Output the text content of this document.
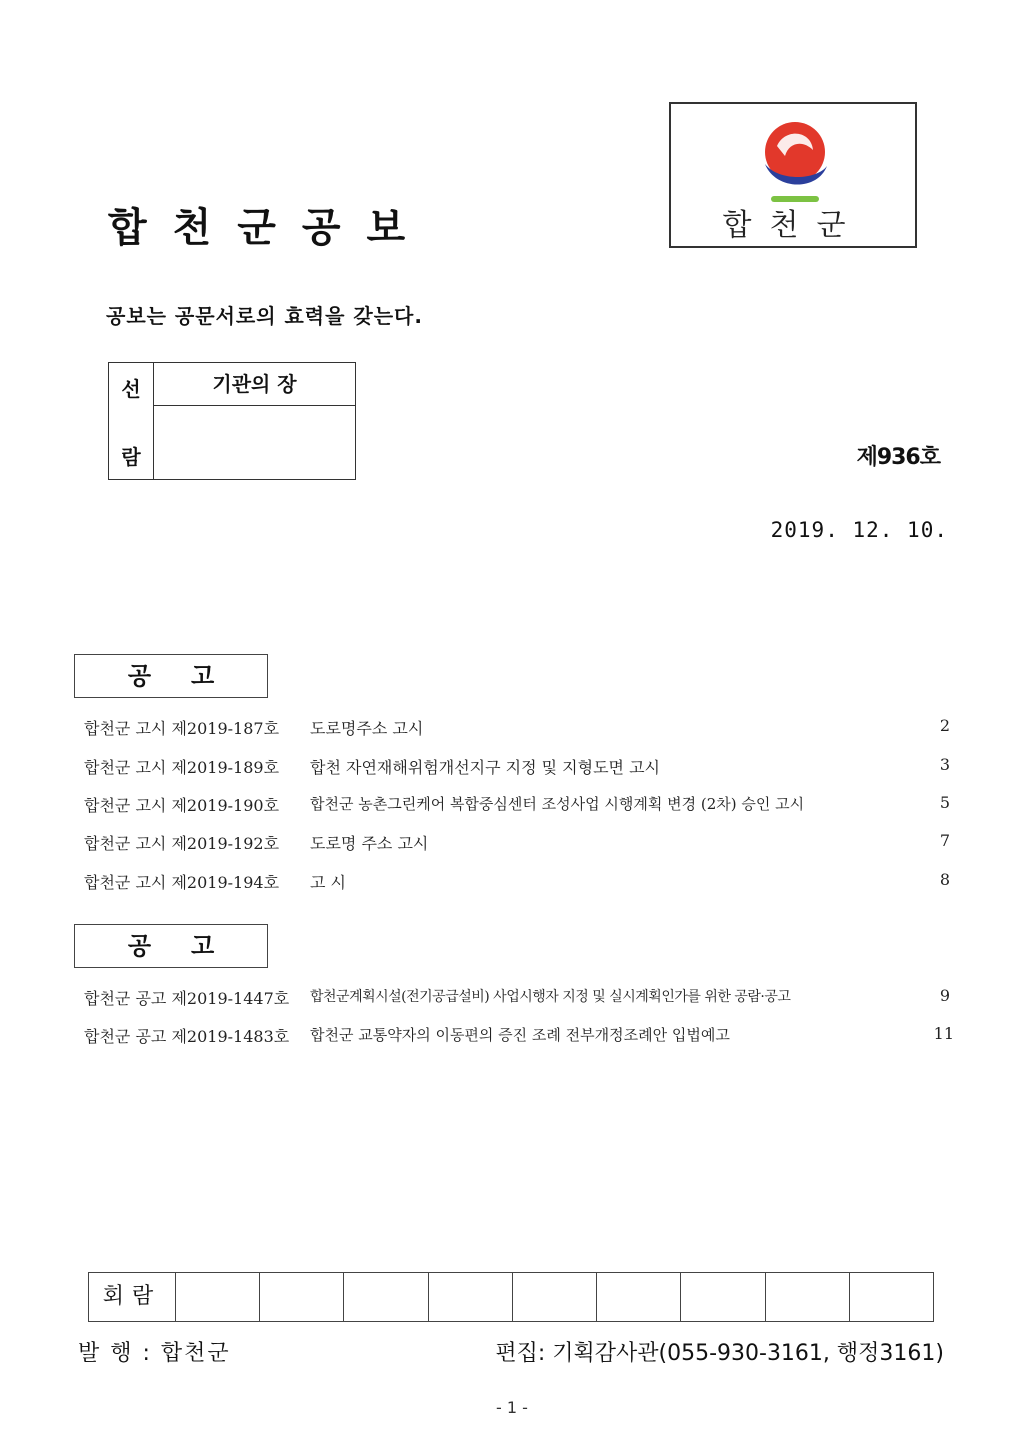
합천군공보	합천군
공보는 공문서로의 효력을 갖는다.
선
람
기관의 장
제936호
2019. 12. 10.
공고
합천군 고시 제2019-187호 도로명주소 고시	2
합천군 고시 제2019-189호 합천 자연재해위험개선지구 지정 및 지형도면 고시	3
합천군 고시 제2019-190호 합천군 농촌그린케어 복합중심센터 조성사업 시행계획 변경 (2차) 승인 고시	5
합천군 고시 제2019-192호 도로명 주소 고시	7
합천군 고시 제2019-194호 고 시	8
공고
합천군 공고 제2019-1447호 합천군계획시설(전기공급설비) 사업시행자 지정 및 실시계획인가를 위한 공람·공고	9
합천군 공고 제2019-1483호 합천군 교통약자의 이동편의 증진 조례 전부개정조례안 입법예고	11
회람
발 행 : 합천군	편집: 기획감사관(055-930-3161, 행정3161)
- 1 -
